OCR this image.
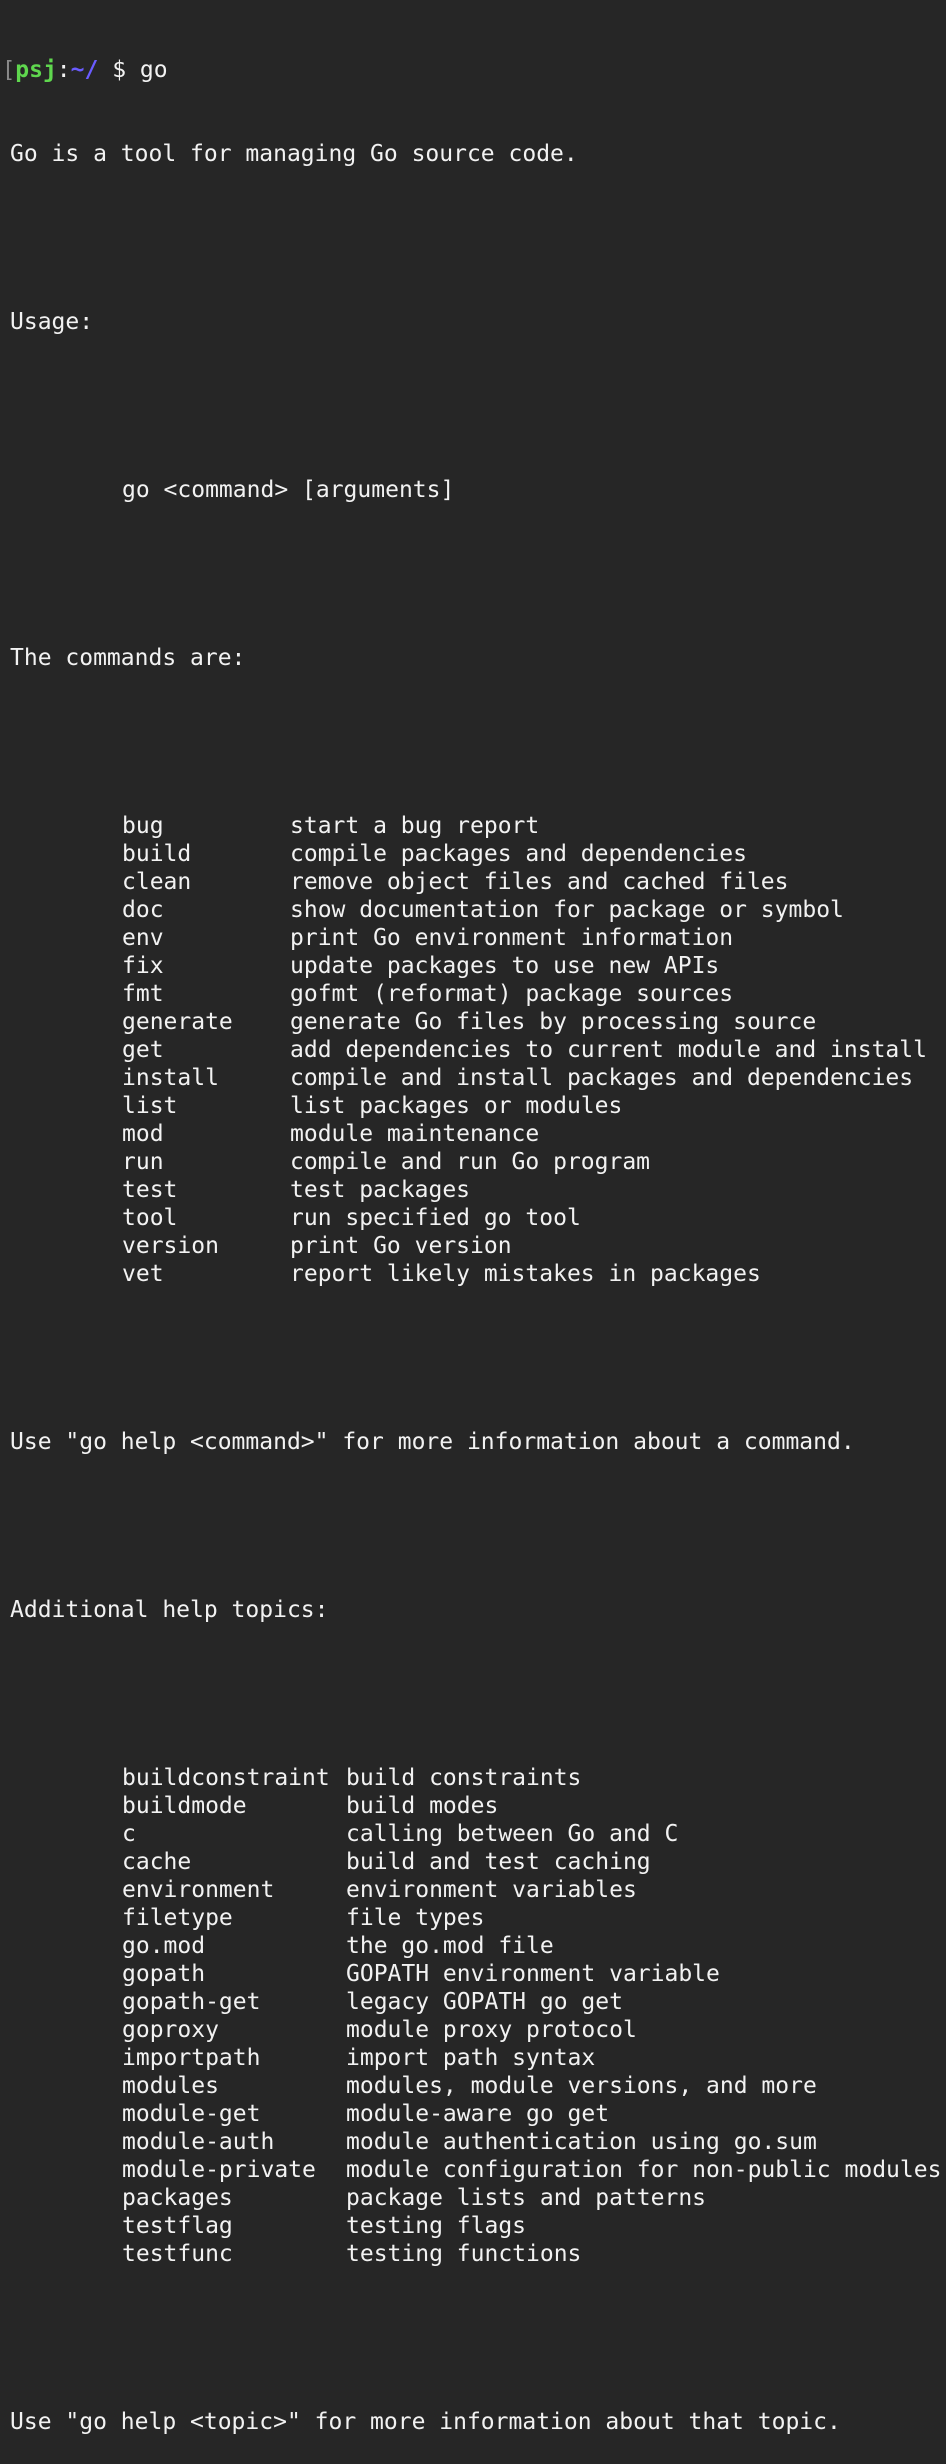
[psj:~/ $ go

Go is a tool for managing Go source code.

Usage:

go <command> [arguments]

The commands are:

bug	start a bug report
build	compile packages and dependencies
clean	remove object files and cached files
doc	show documentation for package or symbol
env	print Go environment information
fix	update packages to use new APIs
fmt	gofmt (reformat) package sources
generate	generate Go files by processing source
get	add dependencies to current module and install
install	compile and install packages and dependencies
list	list packages or modules
mod	module maintenance
run	compile and run Go program
test	test packages
tool	run specified go tool
version	print Go version
vet	report likely mistakes in packages

Use "go help <command>" for more information about a command.

Additional help topics:

buildconstraint build constraints
buildmode	build modes
c	calling between Go and C
cache	build and test caching
environment	environment variables
filetype	file types
go.mod	the go.mod file
gopath	GOPATH environment variable
gopath-get	legacy GOPATH go get
goproxy	module proxy protocol
importpath	import path syntax
modules	modules, module versions, and more
module-get	module-aware go get
module-auth	module authentication using go.sum
module-private	module configuration for non-public modules
packages	package lists and patterns
testflag	testing flags
testfunc	testing functions

Use "go help <topic>" for more information about that topic.
